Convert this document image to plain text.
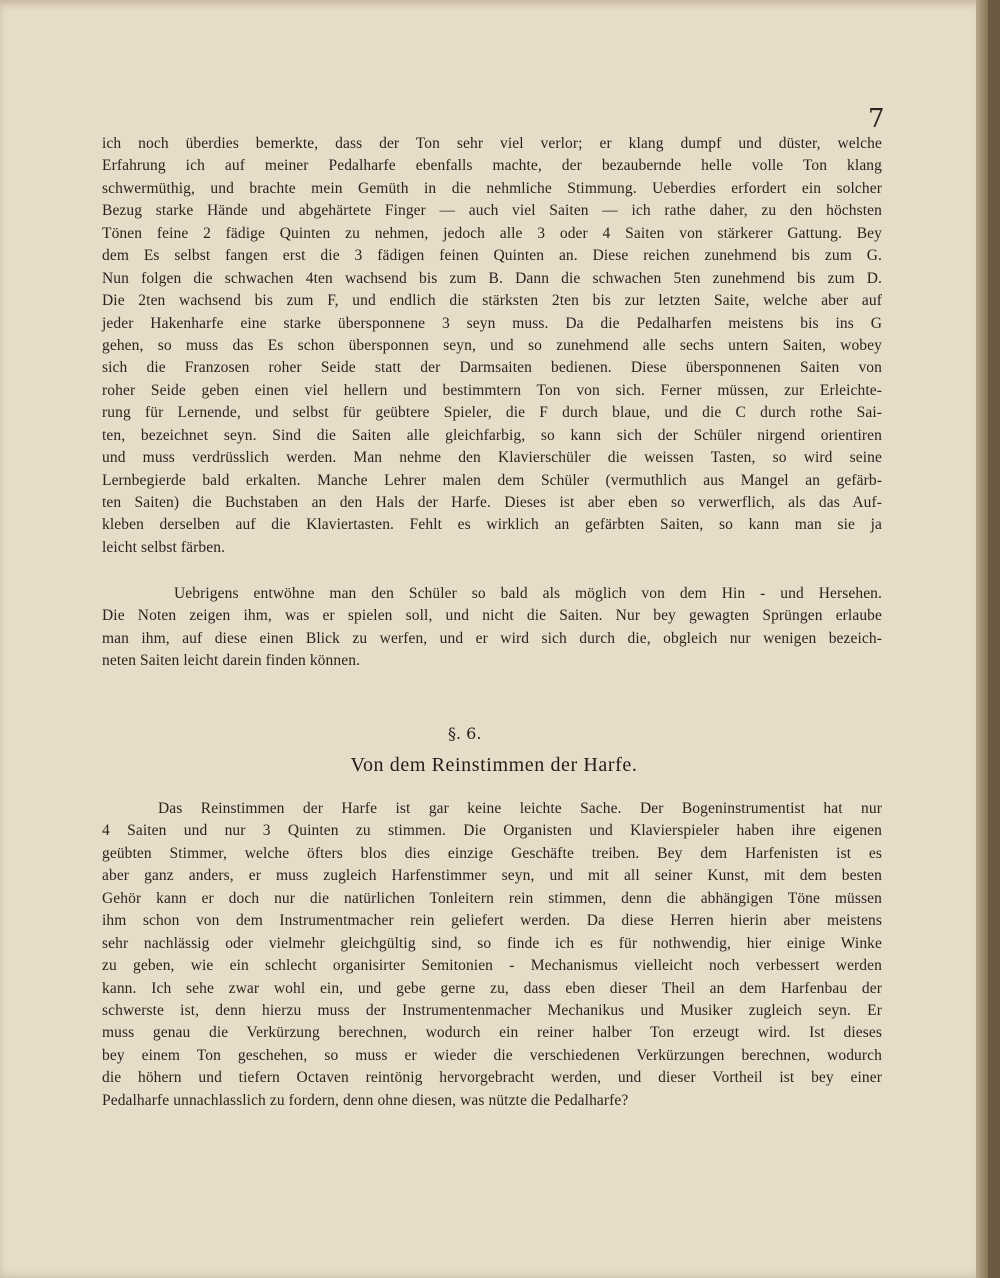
7

ich noch überdies bemerkte, dass der Ton sehr viel verlor; er klang dumpf und düster, welche

Erfahrung ich auf meiner Pedalharfe ebenfalls machte, der bezaubernde helle volle Ton klang

schwermüthig, und brachte mein Gemüth in die nehmliche Stimmung. Ueberdies erfordert ein solcher

Bezug starke Hände und abgehärtete Finger — auch viel Saiten — ich rathe daher, zu den höchsten

Tönen feine 2 fädige Quinten zu nehmen, jedoch alle 3 oder 4 Saiten von stärkerer Gattung. Bey

dem Es selbst fangen erst die 3 fädigen feinen Quinten an. Diese reichen zunehmend bis zum G.

Nun folgen die schwachen 4ten wachsend bis zum B. Dann die schwachen 5ten zunehmend bis zum D.

Die 2ten wachsend bis zum F, und endlich die stärksten 2ten bis zur letzten Saite, welche aber auf

jeder Hakenharfe eine starke übersponnene 3 seyn muss. Da die Pedalharfen meistens bis ins G

gehen, so muss das Es schon übersponnen seyn, und so zunehmend alle sechs untern Saiten, wobey

sich die Franzosen roher Seide statt der Darmsaiten bedienen. Diese übersponnenen Saiten von

roher Seide geben einen viel hellern und bestimmtern Ton von sich. Ferner müssen, zur Erleichte-

rung für Lernende, und selbst für geübtere Spieler, die F durch blaue, und die C durch rothe Sai-

ten, bezeichnet seyn. Sind die Saiten alle gleichfarbig, so kann sich der Schüler nirgend orientiren

und muss verdrüsslich werden. Man nehme den Klavierschüler die weissen Tasten, so wird seine

Lernbegierde bald erkalten. Manche Lehrer malen dem Schüler (vermuthlich aus Mangel an gefärb-

ten Saiten) die Buchstaben an den Hals der Harfe. Dieses ist aber eben so verwerflich, als das Auf-

kleben derselben auf die Klaviertasten. Fehlt es wirklich an gefärbten Saiten, so kann man sie ja

leicht selbst färben.

Uebrigens entwöhne man den Schüler so bald als möglich von dem Hin - und Hersehen.

Die Noten zeigen ihm, was er spielen soll, und nicht die Saiten. Nur bey gewagten Sprüngen erlaube

man ihm, auf diese einen Blick zu werfen, und er wird sich durch die, obgleich nur wenigen bezeich-

neten Saiten leicht darein finden können.

§. 6.
Von dem Reinstimmen der Harfe.

Das Reinstimmen der Harfe ist gar keine leichte Sache. Der Bogeninstrumentist hat nur

4 Saiten und nur 3 Quinten zu stimmen. Die Organisten und Klavierspieler haben ihre eigenen

geübten Stimmer, welche öfters blos dies einzige Geschäfte treiben. Bey dem Harfenisten ist es

aber ganz anders, er muss zugleich Harfenstimmer seyn, und mit all seiner Kunst, mit dem besten

Gehör kann er doch nur die natürlichen Tonleitern rein stimmen, denn die abhängigen Töne müssen

ihm schon von dem Instrumentmacher rein geliefert werden. Da diese Herren hierin aber meistens

sehr nachlässig oder vielmehr gleichgültig sind, so finde ich es für nothwendig, hier einige Winke

zu geben, wie ein schlecht organisirter Semitonien - Mechanismus vielleicht noch verbessert werden

kann. Ich sehe zwar wohl ein, und gebe gerne zu, dass eben dieser Theil an dem Harfenbau der

schwerste ist, denn hierzu muss der Instrumentenmacher Mechanikus und Musiker zugleich seyn. Er

muss genau die Verkürzung berechnen, wodurch ein reiner halber Ton erzeugt wird. Ist dieses

bey einem Ton geschehen, so muss er wieder die verschiedenen Verkürzungen berechnen, wodurch

die höhern und tiefern Octaven reintönig hervorgebracht werden, und dieser Vortheil ist bey einer

Pedalharfe unnachlasslich zu fordern, denn ohne diesen, was nützte die Pedalharfe?
